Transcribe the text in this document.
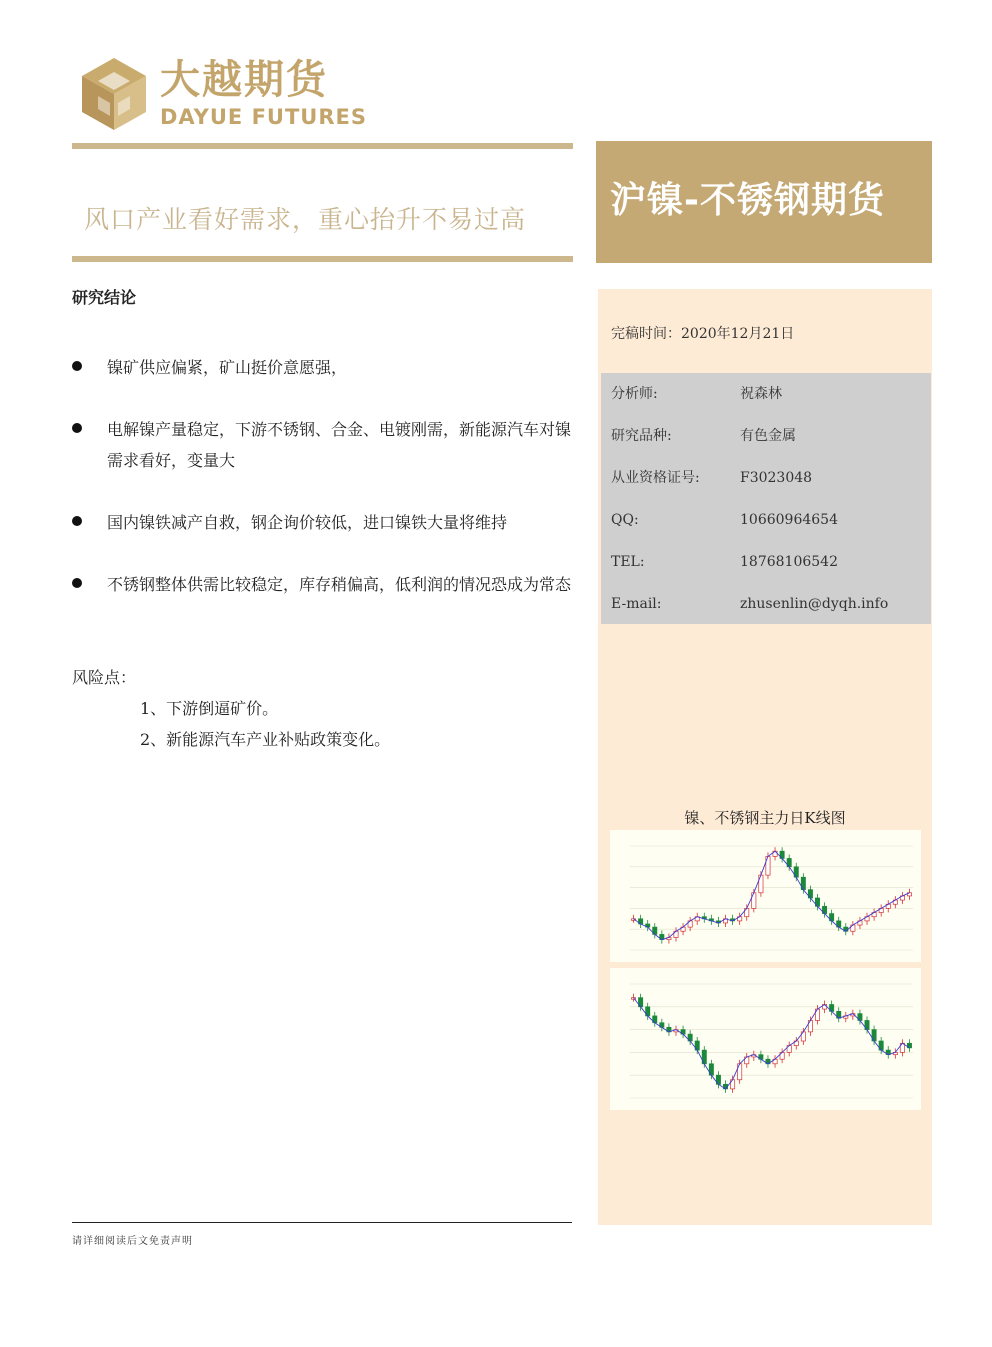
大越期货
DAYUE FUTURES
风口产业看好需求，重心抬升不易过高 沪镍-不锈钢期货
完稿时间：2020年12月21日
分析师:	祝森林
研究品种:	有色金属
从业资格证号:	F3023048
QQ:	10660964654
TEL:	18768106542
E-mail:	zhusenlin@dyqh.info
镍、不锈钢主力日K线图
研究结论
镍矿供应偏紧，矿山挺价意愿强，
电解镍产量稳定，下游不锈钢、合金、电镀刚需，新能源汽车对镍需求看好，变量大
国内镍铁减产自救，钢企询价较低，进口镍铁大量将维持
不锈钢整体供需比较稳定，库存稍偏高，低利润的情况恐成为常态
风险点：
1、下游倒逼矿价。
2、新能源汽车产业补贴政策变化。
请详细阅读后文免责声明
